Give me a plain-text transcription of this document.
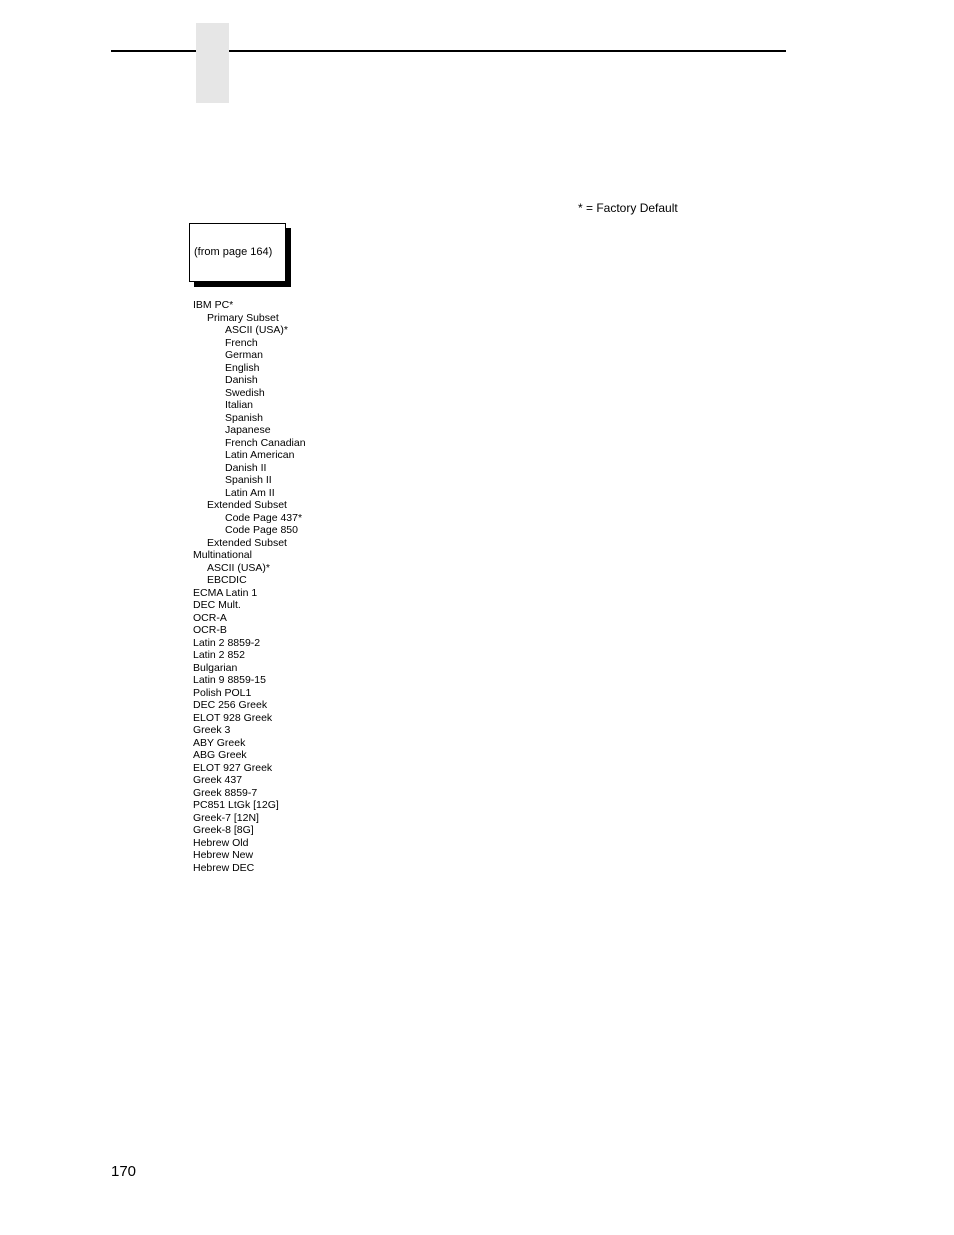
* = Factory Default
(from page 164)
IBM PC*
Primary Subset
ASCII (USA)*
French
German
English
Danish
Swedish
Italian
Spanish
Japanese
French Canadian
Latin American
Danish II
Spanish II
Latin Am II
Extended Subset
Code Page 437*
Code Page 850
Extended Subset
Multinational
ASCII (USA)*
EBCDIC
ECMA Latin 1
DEC Mult.
OCR-A
OCR-B
Latin 2 8859-2
Latin 2 852
Bulgarian
Latin 9 8859-15
Polish POL1
DEC 256 Greek
ELOT 928 Greek
Greek 3
ABY Greek
ABG Greek
ELOT 927 Greek
Greek 437
Greek 8859-7
PC851 LtGk [12G]
Greek-7 [12N]
Greek-8 [8G]
Hebrew Old
Hebrew New
Hebrew DEC
170
